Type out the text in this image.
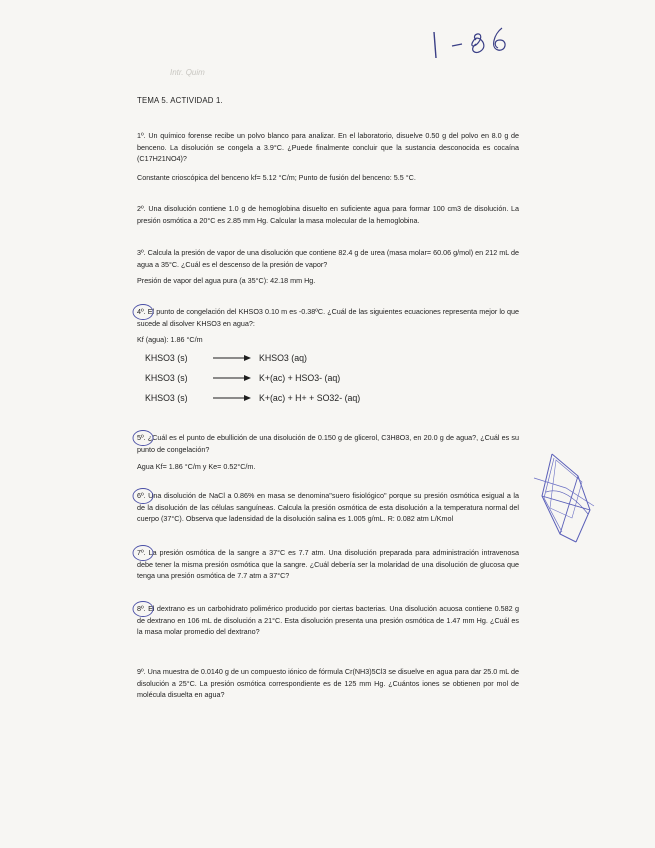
Intr. Quim
TEMA 5. ACTIVIDAD 1.

1º. Un químico forense recibe un polvo blanco para analizar. En el laboratorio, disuelve 0.50 g del polvo en 8.0 g de benceno. La disolución se congela a 3.9°C. ¿Puede finalmente concluir que la sustancia desconocida es cocaína (C17H21NO4)?

Constante crioscópica del benceno kf= 5.12 °C/m; Punto de fusión del benceno: 5.5 °C.

2º. Una disolución contiene 1.0 g de hemoglobina disuelto en suficiente agua para formar 100 cm3 de disolución. La presión osmótica a 20°C es 2.85 mm Hg. Calcular la masa molecular de la hemoglobina.

3º. Calcula la presión de vapor de una disolución que contiene 82.4 g de urea (masa molar= 60.06 g/mol) en 212 mL de agua a 35°C. ¿Cuál es el descenso de la presión de vapor?

Presión de vapor del agua pura (a 35°C): 42.18 mm Hg.

4º. El punto de congelación del KHSO3 0.10 m es -0.38ºC. ¿Cuál de las siguientes ecuaciones representa mejor lo que sucede al disolver KHSO3 en agua?:

Kf (agua): 1.86 °C/m

KHSO3 (s)	KHSO3 (aq)
KHSO3 (s)	K+(ac) + HSO3- (aq)
KHSO3 (s)	K+(ac) + H+ + SO32- (aq)

5º. ¿Cuál es el punto de ebullición de una disolución de 0.150 g de glicerol, C3H8O3, en 20.0 g de agua?, ¿Cuál es su punto de congelación?

Agua Kf= 1.86 °C/m y Ke= 0.52°C/m.

6º. Una disolución de NaCl a 0.86% en masa se denomina"suero fisiológico" porque su presión osmótica esigual a la de la disolución de las células sanguíneas. Calcula la presión osmótica de esta disolución a la temperatura normal del cuerpo (37°C). Observa que ladensidad de la disolución salina es 1.005 g/mL. R: 0.082 atm L/Kmol

7º. La presión osmótica de la sangre a 37°C es 7.7 atm. Una disolución preparada para administración intravenosa debe tener la misma presión osmótica que la sangre. ¿Cuál debería ser la molaridad de una disolución de glucosa que tenga una presión osmótica de 7.7 atm a 37°C?

8º. El dextrano es un carbohidrato polimérico producido por ciertas bacterias. Una disolución acuosa contiene 0.582 g de dextrano en 106 mL de disolución a 21°C. Esta disolución presenta una presión osmótica de 1.47 mm Hg. ¿Cuál es la masa molar promedio del dextrano?

9º. Una muestra de 0.0140 g de un compuesto iónico de fórmula Cr(NH3)5Cl3 se disuelve en agua para dar 25.0 mL de disolución a 25°C. La presión osmótica correspondiente es de 125 mm Hg. ¿Cuántos iones se obtienen por mol de molécula disuelta en agua?
